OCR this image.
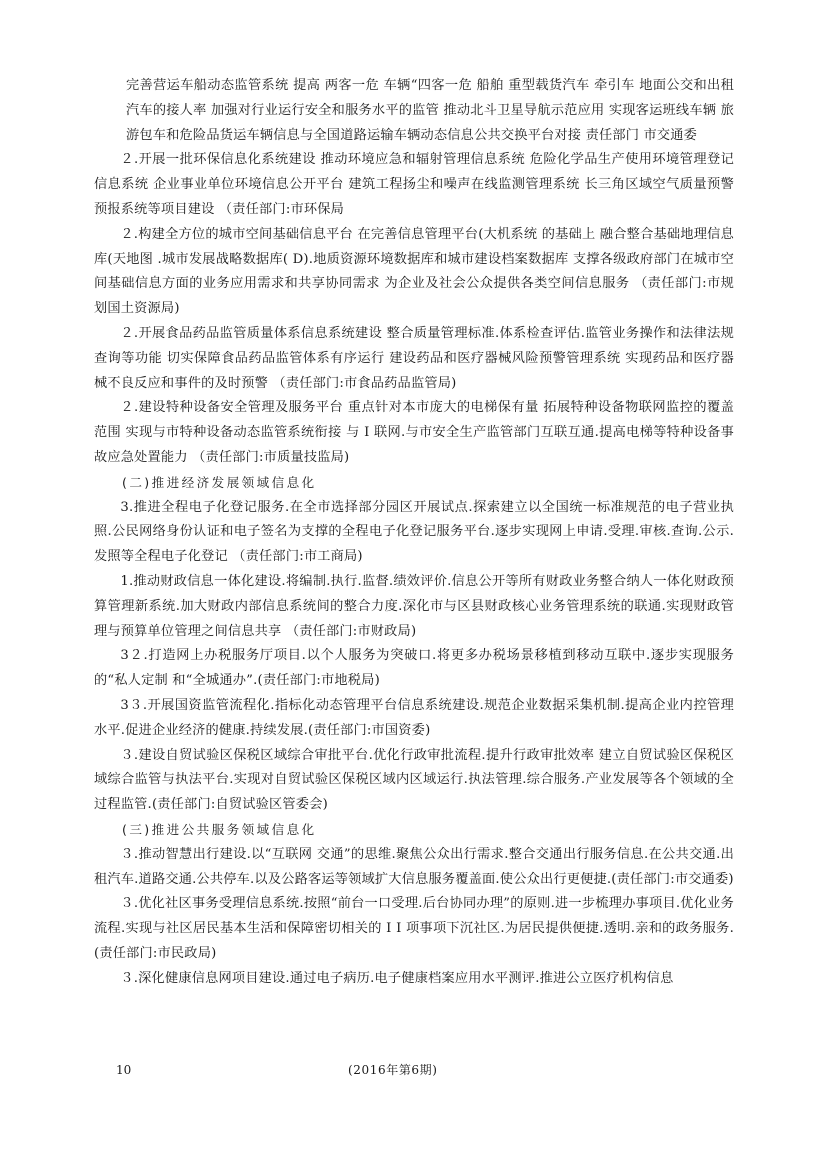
完善营运车船动态监管系统 提高 两客一危 车辆“四客一危 船舶 重型载货汽车 牵引车 地面公交和出租汽车的接人率 加强对行业运行安全和服务水平的监管 推动北斗卫星导航示范应用 实现客运班线车辆 旅游包车和危险品货运车辆信息与全国道路运输车辆动态信息公共交换平台对接 责任部门 市交通委

２.开展一批环保信息化系统建设 推动环境应急和辐射管理信息系统 危险化学品生产使用环境管理登记信息系统 企业事业单位环境信息公开平台 建筑工程扬尘和噪声在线监测管理系统 长三角区域空气质量预警预报系统等项目建设 （责任部门:市环保局

２.构建全方位的城市空间基础信息平台 在完善信息管理平台(大机系统 的基础上 融合整合基础地理信息库(天地图 .城市发展战略数据库( D).地质资源环境数据库和城市建设档案数据库 支撑各级政府部门在城市空间基础信息方面的业务应用需求和共享协同需求 为企业及社会公众提供各类空间信息服务 （责任部门:市规划国土资源局)

２.开展食品药品监管质量体系信息系统建设 整合质量管理标准.体系检查评估.监管业务操作和法律法规查询等功能 切实保障食品药品监管体系有序运行 建设药品和医疗器械风险预警管理系统 实现药品和医疗器械不良反应和事件的及时预警 （责任部门:市食品药品监管局)

２.建设特种设备安全管理及服务平台 重点针对本市庞大的电梯保有量 拓展特种设备物联网监控的覆盖范围 实现与市特种设备动态监管系统衔接 与 I 联网.与市安全生产监管部门互联互通.提高电梯等特种设备事故应急处置能力 （责任部门:市质量技监局)

(二)推进经济发展领域信息化

3.推进全程电子化登记服务.在全市选择部分园区开展试点.探索建立以全国统一标准规范的电子营业执照.公民网络身份认证和电子签名为支撑的全程电子化登记服务平台.逐步实现网上申请.受理.审核.查询.公示.发照等全程电子化登记 （责任部门:市工商局)

1.推动财政信息一体化建设.将编制.执行.监督.绩效评价.信息公开等所有财政业务整合纳人一体化财政预算管理新系统.加大财政内部信息系统间的整合力度.深化市与区县财政核心业务管理系统的联通.实现财政管理与预算单位管理之间信息共享 （责任部门:市财政局)

3２.打造网上办税服务厅项目.以个人服务为突破口.将更多办税场景移植到移动互联中.逐步实现服务的“私人定制 和“全城通办”.(责任部门:市地税局)

3３.开展国资监管流程化.指标化动态管理平台信息系统建设.规范企业数据采集机制.提高企业内控管理水平.促进企业经济的健康.持续发展.(责任部门:市国资委)

３.建设自贸试验区保税区域综合审批平台.优化行政审批流程.提升行政审批效率 建立自贸试验区保税区域综合监管与执法平台.实现对自贸试验区保税区域内区域运行.执法管理.综合服务.产业发展等各个领域的全过程监管.(责任部门:自贸试验区管委会)

(三)推进公共服务领域信息化

３.推动智慧出行建设.以“互联网 交通”的思维.聚焦公众出行需求.整合交通出行服务信息.在公共交通.出租汽车.道路交通.公共停车.以及公路客运等领域扩大信息服务覆盖面.使公众出行更便捷.(责任部门:市交通委)

３.优化社区事务受理信息系统.按照“前台一口受理.后台协同办理”的原则.进一步梳理办事项目.优化业务流程.实现与社区居民基本生活和保障密切相关的 I I 项事项下沉社区.为居民提供便捷.透明.亲和的政务服务.(责任部门:市民政局)

３.深化健康信息网项目建设.通过电子病历.电子健康档案应用水平测评.推进公立医疗机构信息

10	(2016年第6期)
